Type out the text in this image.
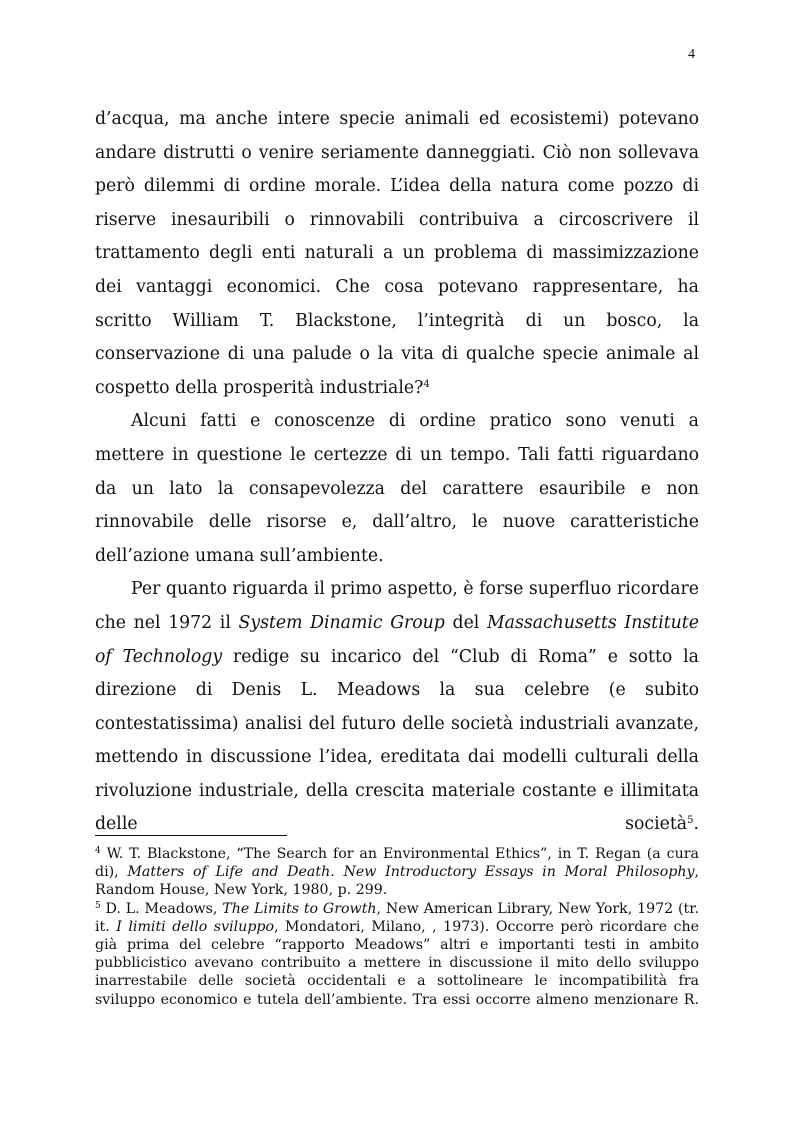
4

d’acqua, ma anche intere specie animali ed ecosistemi) potevano andare distrutti o venire seriamente danneggiati. Ciò non sollevava però dilemmi di ordine morale. L’idea della natura come pozzo di riserve inesauribili o rinnovabili contribuiva a circoscrivere il trattamento degli enti naturali a un problema di massimizzazione dei vantaggi economici. Che cosa potevano rappresentare, ha scritto William T. Blackstone, l’integrità di un bosco, la conservazione di una palude o la vita di qualche specie animale al cospetto della prosperità industriale?$^4$

Alcuni fatti e conoscenze di ordine pratico sono venuti a mettere in questione le certezze di un tempo. Tali fatti riguardano da un lato la consapevolezza del carattere esauribile e non rinnovabile delle risorse e, dall’altro, le nuove caratteristiche dell’azione umana sull’ambiente.

Per quanto riguarda il primo aspetto, è forse superfluo ricordare che nel 1972 il System Dinamic Group del Massachusetts Institute of Technology redige su incarico del “Club di Roma” e sotto la direzione di Denis L. Meadows la sua celebre (e subito contestatissima) analisi del futuro delle società industriali avanzate, mettendo in discussione l’idea, ereditata dai modelli culturali della rivoluzione industriale, della crescita materiale costante e illimitata delle società$^5$.

$^4$ W. T. Blackstone, “The Search for an Environmental Ethics”, in T. Regan (a cura di), Matters of Life and Death. New Introductory Essays in Moral Philosophy, Random House, New York, 1980, p. 299.

$^5$ D. L. Meadows, The Limits to Growth, New American Library, New York, 1972 (tr. it. I limiti dello sviluppo, Mondatori, Milano, , 1973). Occorre però ricordare che già prima del celebre “rapporto Meadows” altri e importanti testi in ambito pubblicistico avevano contribuito a mettere in discussione il mito dello sviluppo inarrestabile delle società occidentali e a sottolineare le incompatibilità fra sviluppo economico e tutela dell’ambiente. Tra essi occorre almeno menzionare R.
